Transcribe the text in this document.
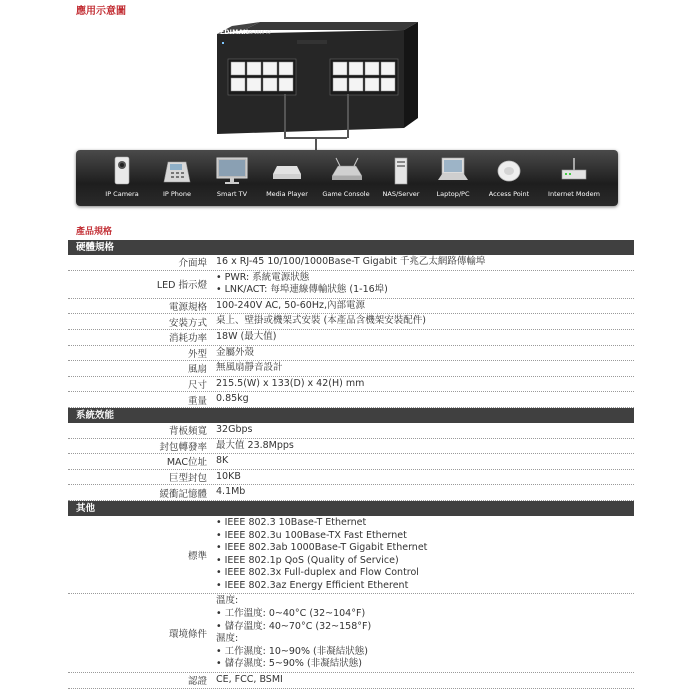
應用示意圖
EDIMAX
GS-1016 V2
IP Camera	IP Phone	Smart TV	Media Player	Game Console	NAS/Server	Laptop/PC	Access Point	Internet Modem
產品規格
硬體規格
介面埠 16 x RJ-45 10/100/1000Base-T Gigabit 千兆乙太網路傳輸埠
LED 指示燈
• PWR: 系統電源狀態
• LNK/ACT: 每埠連線傳輸狀態 (1-16埠)
電源規格 100-240V AC, 50-60Hz,內部電源
安裝方式 桌上、壁掛或機架式安裝 (本產品含機架安裝配件)
消耗功率 18W (最大值)
外型 金屬外殼
風扇 無風扇靜音設計
尺寸 215.5(W) x 133(D) x 42(H) mm
重量 0.85kg
系統效能
背板頻寬 32Gbps
封包轉發率 最大值 23.8Mpps
MAC位址 8K
巨型封包 10KB
緩衝記憶體 4.1Mb
其他
標準
• IEEE 802.3 10Base-T Ethernet
• IEEE 802.3u 100Base-TX Fast Ethernet
• IEEE 802.3ab 1000Base-T Gigabit Ethernet
• IEEE 802.1p QoS (Quality of Service)
• IEEE 802.3x Full-duplex and Flow Control
• IEEE 802.3az Energy Efficient Etherent
環境條件
溫度:
• 工作溫度: 0~40°C (32~104°F)
• 儲存溫度: 40~70°C (32~158°F)
濕度:
• 工作濕度: 10~90% (非凝結狀態)
• 儲存濕度: 5~90% (非凝結狀態)
認證 CE, FCC, BSMI
